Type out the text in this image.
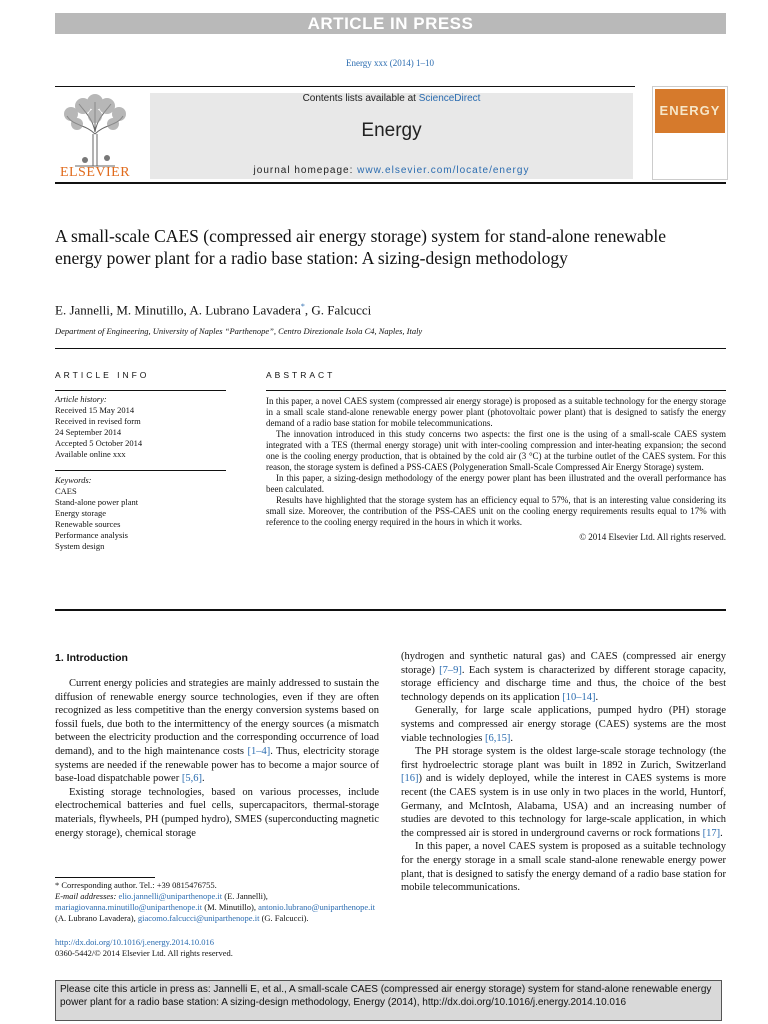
ARTICLE IN PRESS
Energy xxx (2014) 1–10
Contents lists available at ScienceDirect
Energy
journal homepage: www.elsevier.com/locate/energy
ELSEVIER
ENERGY
A small-scale CAES (compressed air energy storage) system for stand-alone renewable energy power plant for a radio base station: A sizing-design methodology
E. Jannelli, M. Minutillo, A. Lubrano Lavadera*, G. Falcucci
Department of Engineering, University of Naples “Parthenope”, Centro Direzionale Isola C4, Naples, Italy
ARTICLE INFO	ABSTRACT
Article history:
Received 15 May 2014
Received in revised form
24 September 2014
Accepted 5 October 2014
Available online xxx
Keywords:
CAES
Stand-alone power plant
Energy storage
Renewable sources
Performance analysis
System design

In this paper, a novel CAES system (compressed air energy storage) is proposed as a suitable technology for the energy storage in a small scale stand-alone renewable energy power plant (photovoltaic power plant) that is designed to satisfy the energy demand of a radio base station for mobile telecommunications.

The innovation introduced in this study concerns two aspects: the first one is the using of a small-scale CAES system integrated with a TES (thermal energy storage) unit with inter-cooling compression and inter-heating expansion; the second one is the cooling energy production, that is obtained by the cold air (3 °C) at the turbine outlet of the CAES system. For this reason, the storage system is defined a PSS-CAES (Polygeneration Small-Scale Compressed Air Energy Storage) system.

In this paper, a sizing-design methodology of the energy power plant has been illustrated and the overall performance has been calculated.

Results have highlighted that the storage system has an efficiency equal to 57%, that is an interesting value considering its small size. Moreover, the contribution of the PSS-CAES unit on the cooling energy requirements results equal to 17% with reference to the cooling energy required in the hours in which it works.

© 2014 Elsevier Ltd. All rights reserved.
1. Introduction

Current energy policies and strategies are mainly addressed to sustain the diffusion of renewable energy source technologies, even if they are often recognized as less competitive than the energy conversion systems based on fossil fuels, due both to the intermittency of the energy sources (a mismatch between the electricity production and the corresponding occurrence of load demand), and to the high maintenance costs [1–4]. Thus, electricity storage systems are needed if the renewable power has to become a major source of base-load dispatchable power [5,6].

Existing storage technologies, based on various processes, include electrochemical batteries and fuel cells, supercapacitors, thermal-storage materials, flywheels, PH (pumped hydro), SMES (superconducting magnetic energy storage), chemical storage

(hydrogen and synthetic natural gas) and CAES (compressed air energy storage) [7–9]. Each system is characterized by different storage capacity, storage efficiency and discharge time and thus, the choice of the best technology depends on its application [10–14].

Generally, for large scale applications, pumped hydro (PH) storage systems and compressed air energy storage (CAES) systems are the most viable technologies [6,15].

The PH storage system is the oldest large-scale storage technology (the first hydroelectric storage plant was built in 1892 in Zurich, Switzerland [16]) and is widely deployed, while the interest in CAES systems is more recent (the CAES system is in use only in two places in the world, Huntorf, Germany, and McIntosh, Alabama, USA) and an increasing number of studies are devoted to this technology for large-scale application, in which the compressed air is stored in underground caverns or rock formations [17].

In this paper, a novel CAES system is proposed as a suitable technology for the energy storage in a small scale stand-alone renewable energy power plant, that is designed to satisfy the energy demand of a radio base station for mobile telecommunications.

* Corresponding author. Tel.: +39 0815476755.
E-mail addresses: elio.jannelli@uniparthenope.it (E. Jannelli), mariagiovanna.minutillo@uniparthenope.it (M. Minutillo), antonio.lubrano@uniparthenope.it (A. Lubrano Lavadera), giacomo.falcucci@uniparthenope.it (G. Falcucci).
http://dx.doi.org/10.1016/j.energy.2014.10.016
0360-5442/© 2014 Elsevier Ltd. All rights reserved.
Please cite this article in press as: Jannelli E, et al., A small-scale CAES (compressed air energy storage) system for stand-alone renewable energy power plant for a radio base station: A sizing-design methodology, Energy (2014), http://dx.doi.org/10.1016/j.energy.2014.10.016
